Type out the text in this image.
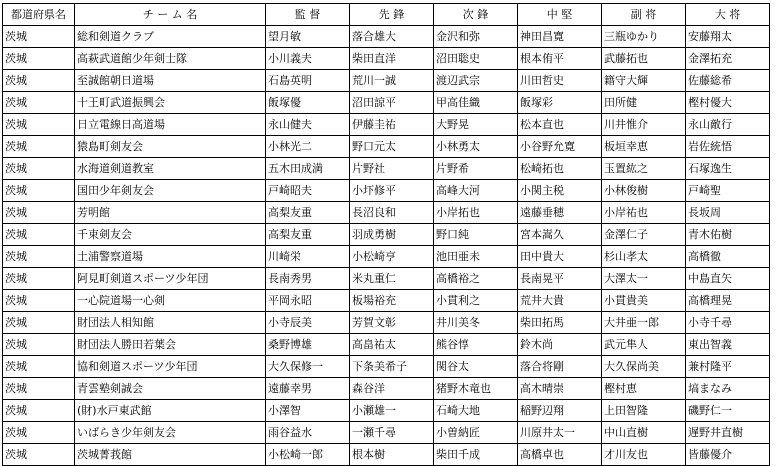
都道府県名	チ ー ム 名	監 督	先 鋒	次 鋒	中 堅	副 将	大 将
茨城	総和剣道クラブ	望月敏	落合雄大	金沢和弥	神田昌寛	三瓶ゆかり	安藤翔太
茨城	高萩武道館少年剣士隊	小川義夫	柴田直洋	沼田聡史	根本侑平	武藤拓也	金澤拓充
茨城	至誠館朝日道場	石島英明	荒川一誠	渡辺武宗	川田哲史	籍守大輝	佐藤総希
茨城	十王町武道振興会	飯塚優	沼田諒平	甲高佳織	飯塚彩	田所健	樫村優大
茨城	日立電線日高道場	永山健夫	伊藤圭祐	大野晃	松本直也	川井惟介	永山敵行
茨城	猿島町剣友会	小林光二	野口元太	小林勇太	小谷野允寛	板垣幸恵	岩佐統悟
茨城	水海道剣道教室	五木田成満	片野社	片野希	松崎拓也	玉置紘之	石塚逸生
茨城	国田少年剣友会	戸崎昭夫	小圷修平	高峰大河	小関主税	小林俊樹	戸崎聖
茨城	芳明館	高梨友重	長沼良和	小岸拓也	遠藤垂穂	小岸祐也	長坂周
茨城	千束剣友会	高梨友重	羽成勇樹	野口純	宮本嵩久	金澤仁子	青木佑樹
茨城	土浦警察道場	川崎栄	小松崎亨	池田亜未	田中貴大	杉山孝太	高橋徹
茨城	阿見町剣道スポーツ少年団	長南秀男	米丸重仁	高橋裕之	長南晃平	大澤太一	中島直矢
茨城	一心院道場一心剣	平岡永昭	板場裕充	小貫利之	荒井大貴	小貫貴美	高橋理晃
茨城	財団法人相知館	小寺辰美	芳賀文彰	井川美冬	柴田拓馬	大井亜一郎	小寺千尋
茨城	財団法人勝田若葉会	桑野博雄	高畠祐太	熊谷惇	鈴木尚	武元隼人	東出智義
茨城	協和剣道スポーツ少年団	大久保修一	下条美希子	関谷太	落合将剛	大久保尚美	兼村隆平
茨城	青雲塾剣誠会	遠藤幸男	森谷洋	猪野木竜也	高木晴崇	樫村恵	塙まなみ
茨城	(財)水戸東武館	小澤智	小瀬雄一	石崎大地	稲野辺翔	上田智隆	磯野仁一
茨城	いばらき少年剣友会	雨谷益水	一瀬千尋	小曽納匠	川原井太一	中山直樹	遅野井直樹
茨城	茨城菁莪館	小松崎一郎	根本樹	柴田千成	高橋卓也	才川友也	皆藤優介
